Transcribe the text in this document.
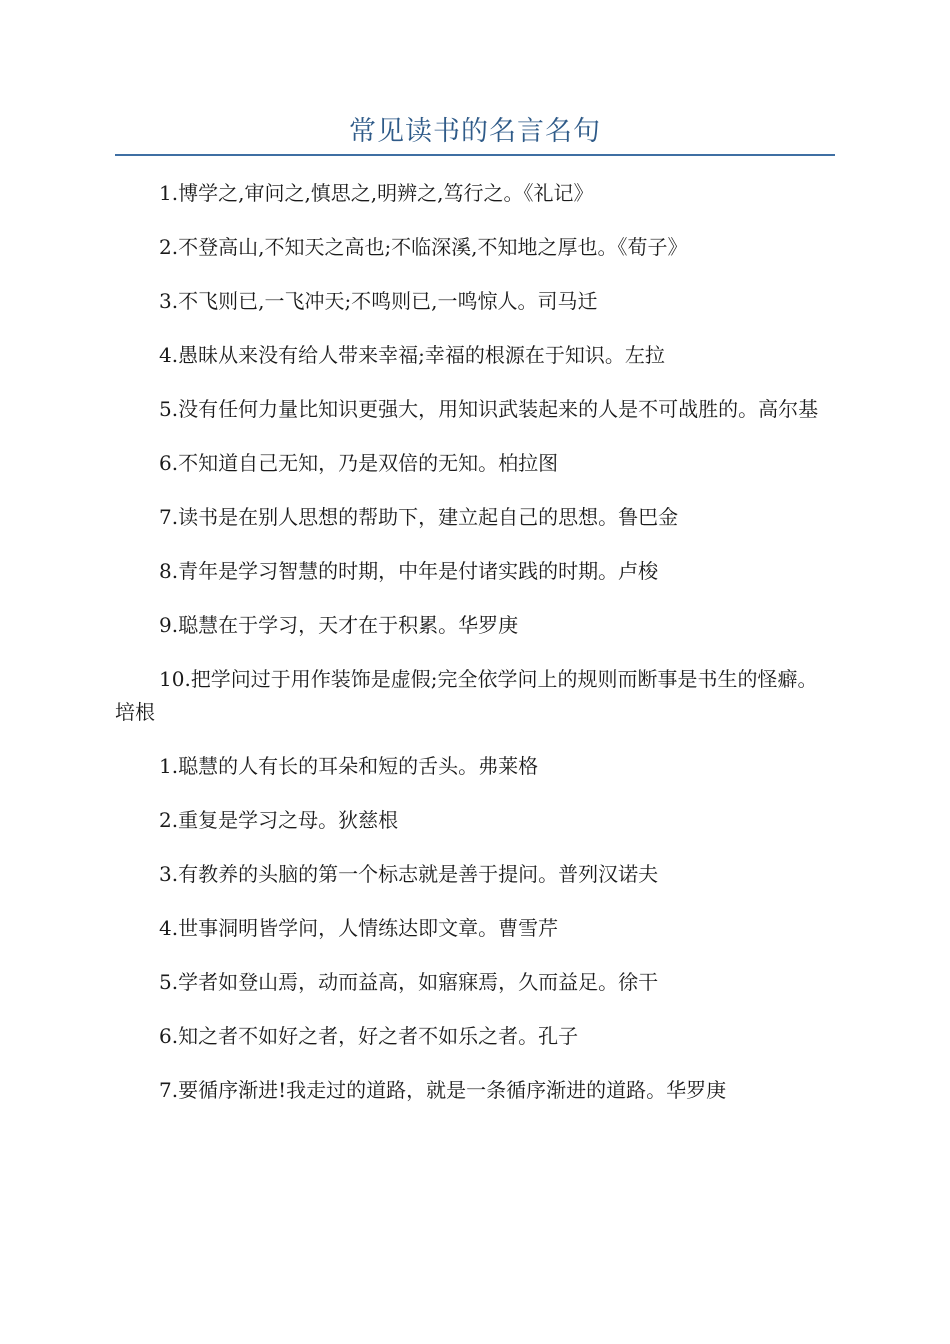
常见读书的名言名句

1.博学之,审问之,慎思之,明辨之,笃行之。《礼记》

2.不登高山,不知天之高也;不临深溪,不知地之厚也。《荀子》

3.不飞则已,一飞冲天;不鸣则已,一鸣惊人。司马迁

4.愚昧从来没有给人带来幸福;幸福的根源在于知识。左拉

5.没有任何力量比知识更强大，用知识武装起来的人是不可战胜的。高尔基

6.不知道自己无知，乃是双倍的无知。柏拉图

7.读书是在别人思想的帮助下，建立起自己的思想。鲁巴金

8.青年是学习智慧的时期，中年是付诸实践的时期。卢梭

9.聪慧在于学习，天才在于积累。华罗庚

10.把学问过于用作装饰是虚假;完全依学问上的规则而断事是书生的怪癖。培根

1.聪慧的人有长的耳朵和短的舌头。弗莱格

2.重复是学习之母。狄慈根

3.有教养的头脑的第一个标志就是善于提问。普列汉诺夫

4.世事洞明皆学问，人情练达即文章。曹雪芹

5.学者如登山焉，动而益高，如寤寐焉，久而益足。徐干

6.知之者不如好之者，好之者不如乐之者。孔子

7.要循序渐进!我走过的道路，就是一条循序渐进的道路。华罗庚
